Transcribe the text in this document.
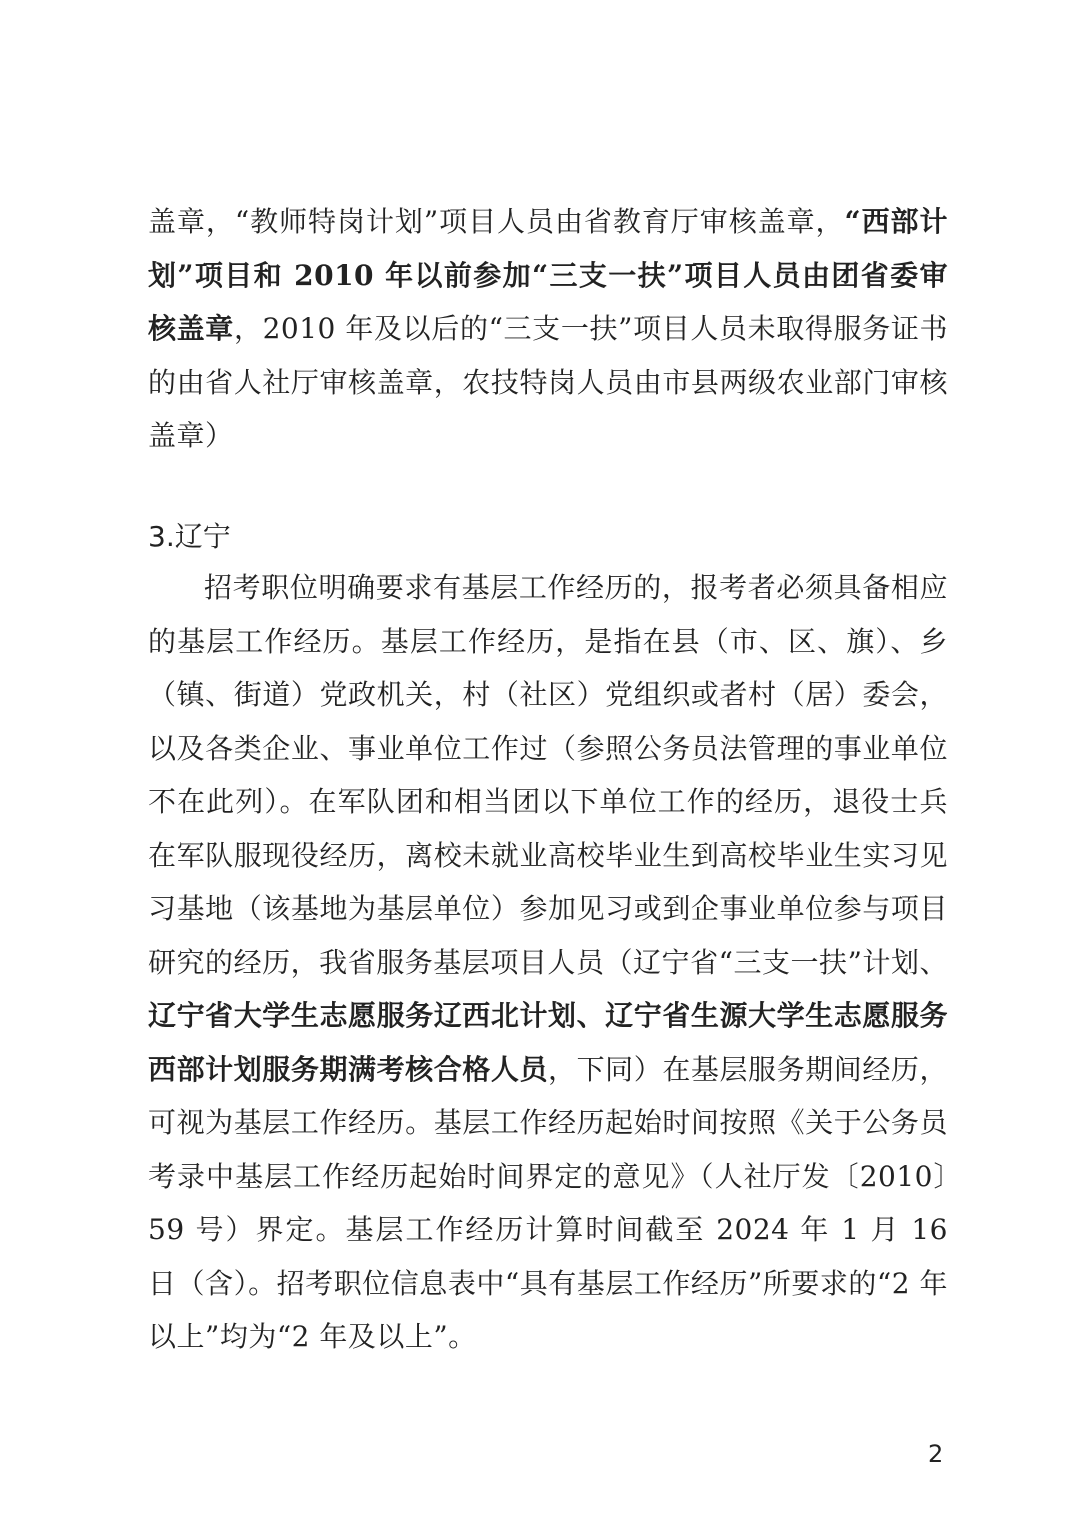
盖章，“教师特岗计划”项目人员由省教育厅审核盖章，“西部计划”项目和 2010 年以前参加“三支一扶”项目人员由团省委审核盖章，2010 年及以后的“三支一扶”项目人员未取得服务证书的由省人社厅审核盖章，农技特岗人员由市县两级农业部门审核盖章）

3.辽宁

招考职位明确要求有基层工作经历的，报考者必须具备相应的基层工作经历。基层工作经历，是指在县（市、区、旗）、乡（镇、街道）党政机关，村（社区）党组织或者村（居）委会，以及各类企业、事业单位工作过（参照公务员法管理的事业单位不在此列）。在军队团和相当团以下单位工作的经历，退役士兵在军队服现役经历，离校未就业高校毕业生到高校毕业生实习见习基地（该基地为基层单位）参加见习或到企事业单位参与项目研究的经历，我省服务基层项目人员（辽宁省“三支一扶”计划、辽宁省大学生志愿服务辽西北计划、辽宁省生源大学生志愿服务西部计划服务期满考核合格人员，下同）在基层服务期间经历，可视为基层工作经历。基层工作经历起始时间按照《关于公务员考录中基层工作经历起始时间界定的意见》（人社厅发〔2010〕59 号）界定。基层工作经历计算时间截至 2024 年 1 月 16 日（含）。招考职位信息表中“具有基层工作经历”所要求的“2 年以上”均为“2 年及以上”。

2
